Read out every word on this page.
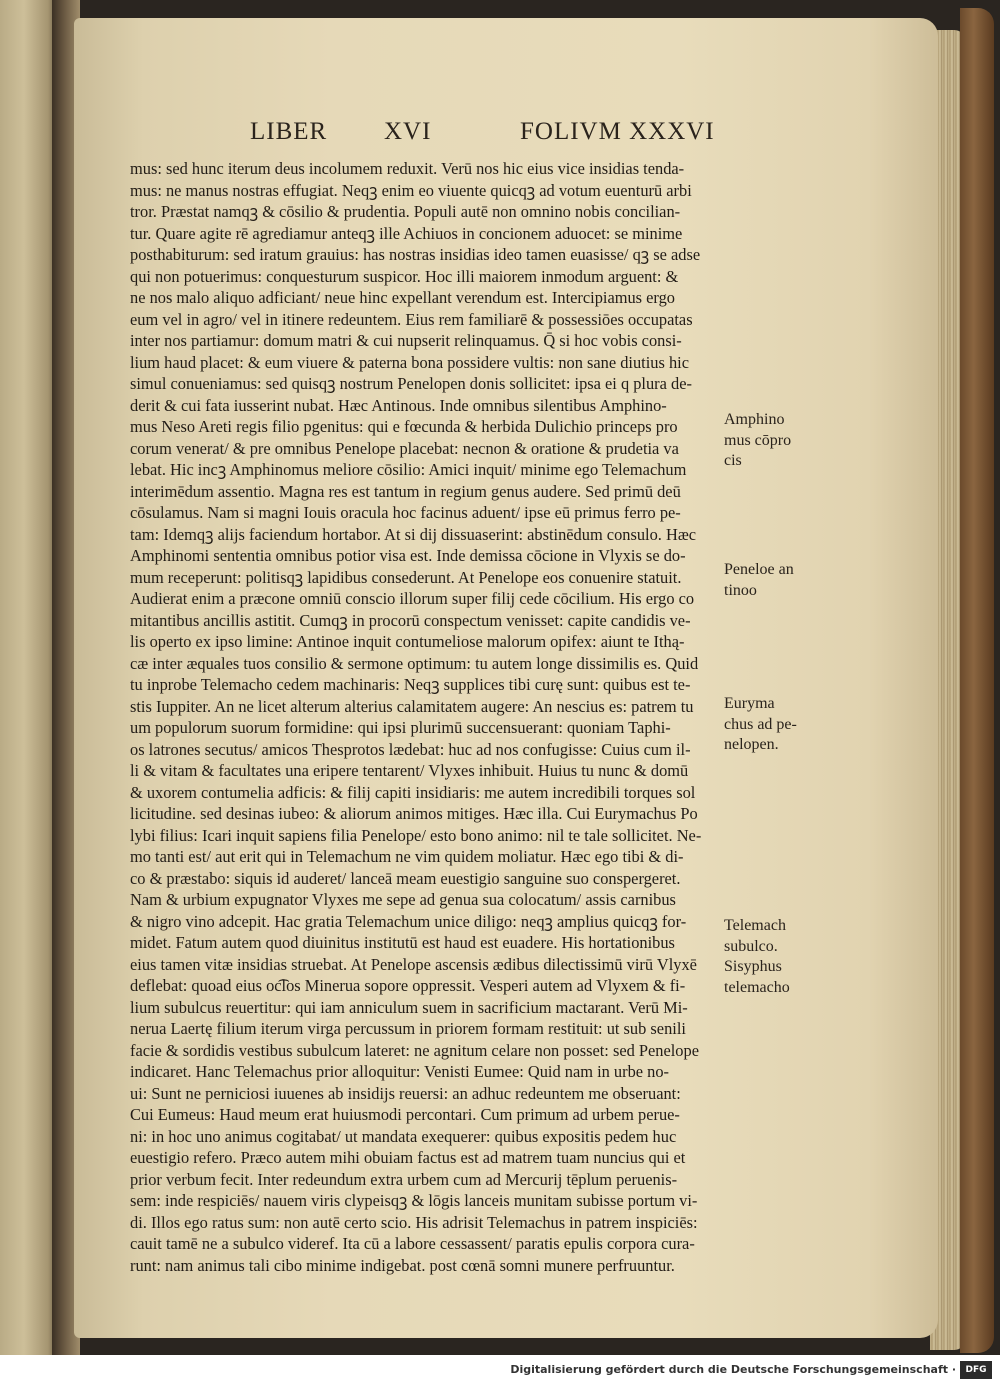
LIBER XVI	FOLIVM XXXVI
mus: sed hunc iterum deus incolumem reduxit. Verū nos hic eius vice insidias tenda-
mus: ne manus nostras effugiat. Neqꝫ enim eo viuente quicqꝫ ad votum euenturū arbi
tror. Præstat namqꝫ & cōsilio & prudentia. Populi autē non omnino nobis concilian-
tur. Quare agite rē agrediamur anteqꝫ ille Achiuos in concionem aduocet: se minime
posthabiturum: sed iratum grauius: has nostras insidias ideo tamen euasisse/ qꝫ se adse
qui non potuerimus: conquesturum suspicor. Hoc illi maiorem inmodum arguent: &
ne nos malo aliquo adficiant/ neue hinc expellant verendum est. Intercipiamus ergo
eum vel in agro/ vel in itinere redeuntem. Eius rem familiarē & possessiōes occupatas
inter nos partiamur: domum matri & cui nupserit relinquamus. Q̄ si hoc vobis consi-
lium haud placet: & eum viuere & paterna bona possidere vultis: non sane diutius hic
simul conueniamus: sed quisqꝫ nostrum Penelopen donis sollicitet: ipsa ei q plura de-
derit & cui fata iusserint nubat. Hæc Antinous. Inde omnibus silentibus Amphino-
mus Neso Areti regis filio pgenitus: qui e fœcunda & herbida Dulichio princeps pro
corum venerat/ & pre omnibus Penelope placebat: necnon & oratione & prudetia va
lebat. Hic incꝫ Amphinomus meliore cōsilio: Amici inquit/ minime ego Telemachum
interimēdum assentio. Magna res est tantum in regium genus audere. Sed primū deū
cōsulamus. Nam si magni Iouis oracula hoc facinus aduent/ ipse eū primus ferro pe-
tam: Idemqꝫ alijs faciendum hortabor. At si dij dissuaserint: abstinēdum consulo. Hæc
Amphinomi sententia omnibus potior visa est. Inde demissa cōcione in Vlyxis se do-
mum receperunt: politisqꝫ lapidibus consederunt. At Penelope eos conuenire statuit.
Audierat enim a præcone omniū conscio illorum super filij cede cōcilium. His ergo co
mitantibus ancillis astitit. Cumqꝫ in procorū conspectum venisset: capite candidis ve-
lis operto ex ipso limine: Antinoe inquit contumeliose malorum opifex: aiunt te Ithą-
cæ inter æquales tuos consilio & sermone optimum: tu autem longe dissimilis es. Quid
tu inprobe Telemacho cedem machinaris: Neqꝫ supplices tibi curę sunt: quibus est te-
stis Iuppiter. An ne licet alterum alterius calamitatem augere: An nescius es: patrem tu
um populorum suorum formidine: qui ipsi plurimū succensuerant: quoniam Taphi-
os latrones secutus/ amicos Thesprotos lædebat: huc ad nos confugisse: Cuius cum il-
li & vitam & facultates una eripere tentarent/ Vlyxes inhibuit. Huius tu nunc & domū
& uxorem contumelia adficis: & filij capiti insidiaris: me autem incredibili torques sol
licitudine. sed desinas iubeo: & aliorum animos mitiges. Hæc illa. Cui Eurymachus Po
lybi filius: Icari inquit sapiens filia Penelope/ esto bono animo: nil te tale sollicitet. Ne-
mo tanti est/ aut erit qui in Telemachum ne vim quidem moliatur. Hæc ego tibi & di-
co & præstabo: siquis id auderet/ lanceā meam euestigio sanguine suo conspergeret.
Nam & urbium expugnator Vlyxes me sepe ad genua sua colocatum/ assis carnibus
& nigro vino adcepit. Hac gratia Telemachum unice diligo: neqꝫ amplius quicqꝫ for-
midet. Fatum autem quod diuinitus institutū est haud est euadere. His hortationibus
eius tamen vitæ insidias struebat. At Penelope ascensis ædibus dilectissimū virū Vlyxē
deflebat: quoad eius oc͡los Minerua sopore oppressit. Vesperi autem ad Vlyxem & fi-
lium subulcus reuertitur: qui iam anniculum suem in sacrificium mactarant. Verū Mi-
nerua Laertę filium iterum virga percussum in priorem formam restituit: ut sub senili
facie & sordidis vestibus subulcum lateret: ne agnitum celare non posset: sed Penelope
indicaret. Hanc Telemachus prior alloquitur: Venisti Eumee: Quid nam in urbe no-
ui: Sunt ne perniciosi iuuenes ab insidijs reuersi: an adhuc redeuntem me obseruant:
Cui Eumeus: Haud meum erat huiusmodi percontari. Cum primum ad urbem perue-
ni: in hoc uno animus cogitabat/ ut mandata exequerer: quibus expositis pedem huc
euestigio refero. Præco autem mihi obuiam factus est ad matrem tuam nuncius qui et
prior verbum fecit. Inter redeundum extra urbem cum ad Mercurij tēplum peruenis-
sem: inde respiciēs/ nauem viris clypeisqꝫ & lōgis lanceis munitam subisse portum vi-
di. Illos ego ratus sum: non autē certo scio. His adrisit Telemachus in patrem inspiciēs:
cauit tamē ne a subulco videref. Ita cū a labore cessassent/ paratis epulis corpora cura-
runt: nam animus tali cibo minime indigebat. post cœnā somni munere perfruuntur.
Amphino
mus cōpro
cis
Peneloe an
tinoo
Euryma
chus ad pe-
nelopen.
Telemach
subulco.
Sisyphus
telemacho
Digitalisierung gefördert durch die Deutsche Forschungsgemeinschaft ·	DFG
